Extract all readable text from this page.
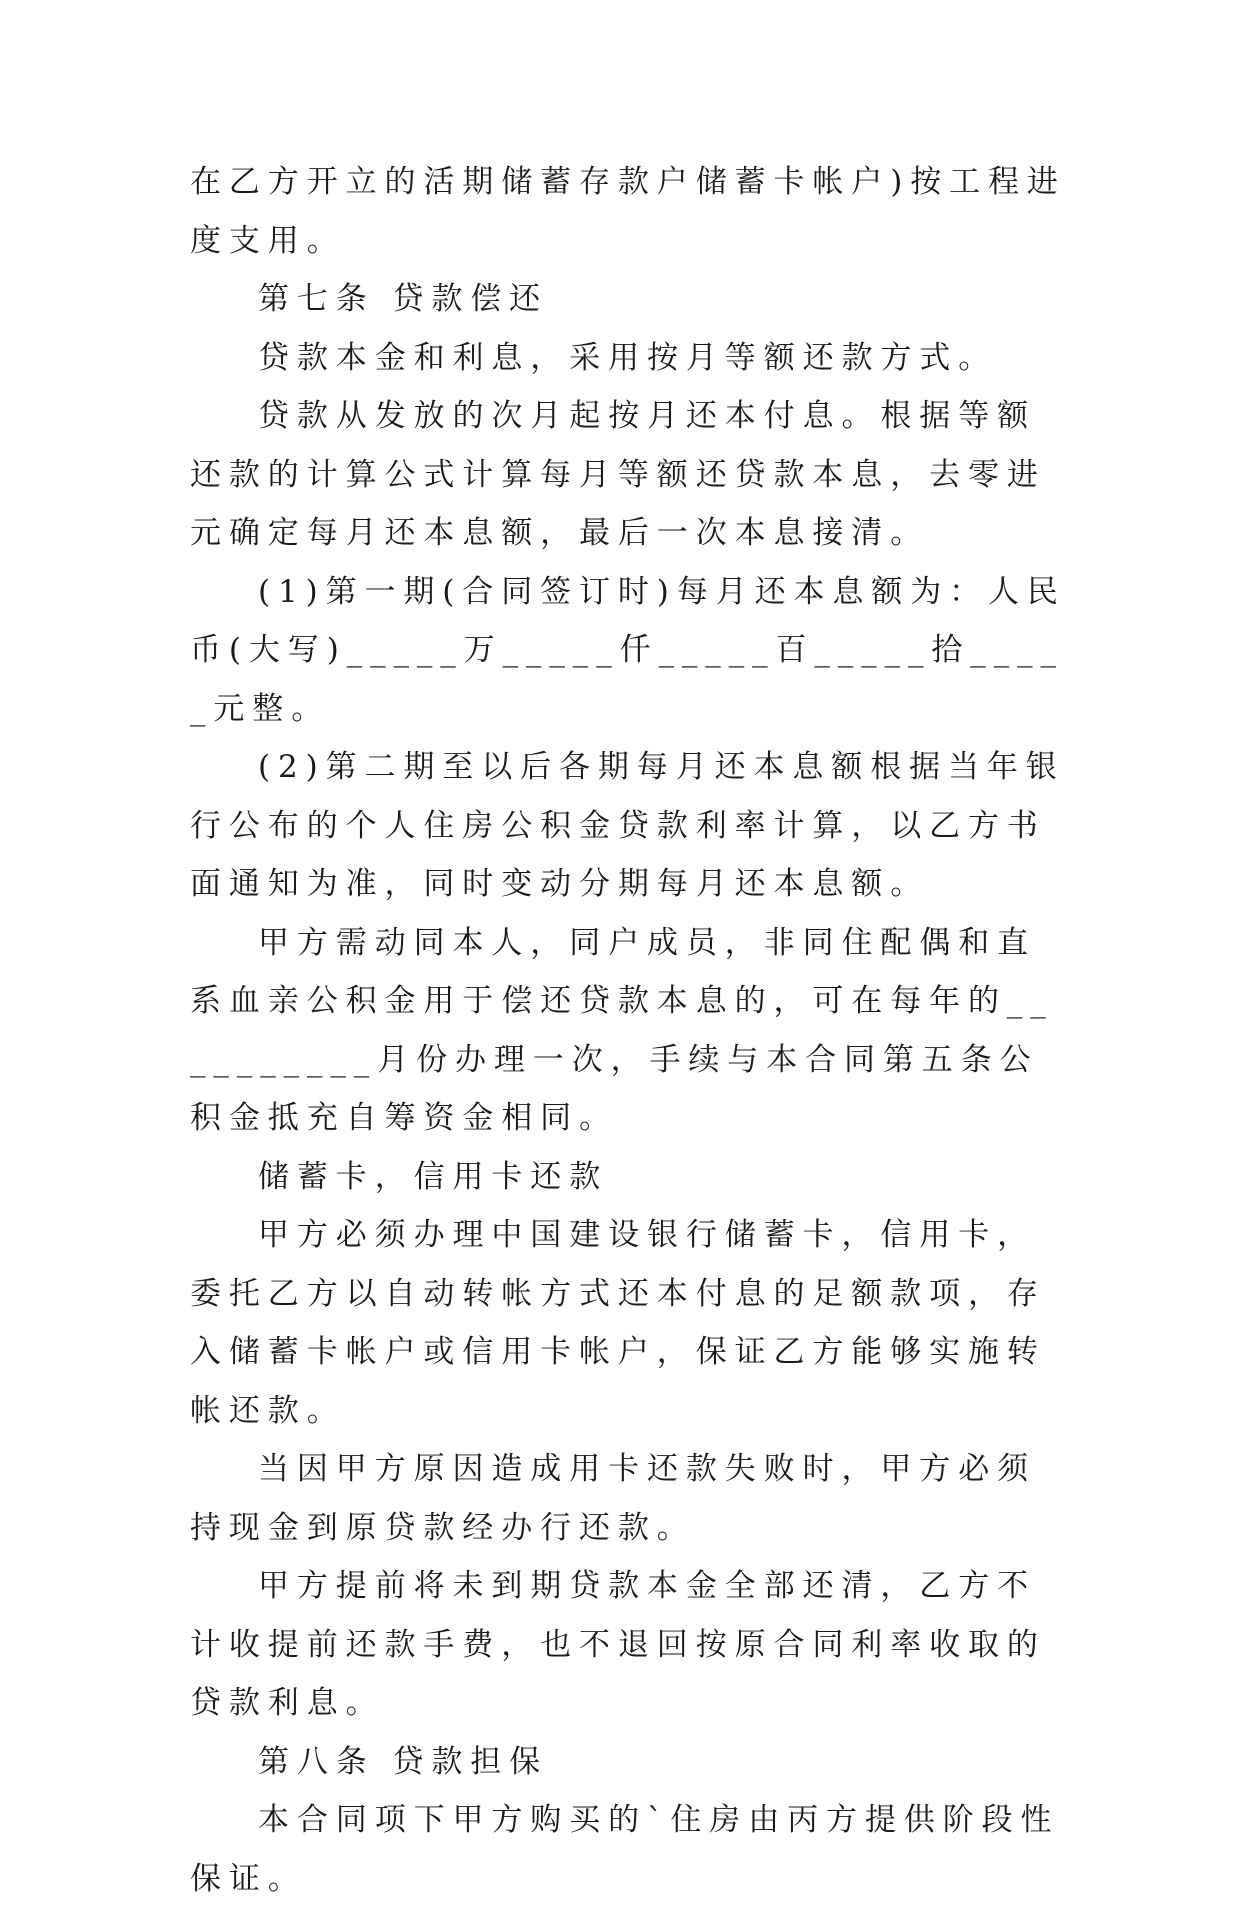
在乙方开立的活期储蓄存款户储蓄卡帐户)按工程进度支用。

第七条 贷款偿还

贷款本金和利息，采用按月等额还款方式。

贷款从发放的次月起按月还本付息。根据等额还款的计算公式计算每月等额还贷款本息，去零进元确定每月还本息额，最后一次本息接清。

(1)第一期(合同签订时)每月还本息额为：人民币(大写)_____万_____仟_____百_____拾_____元整。

(2)第二期至以后各期每月还本息额根据当年银行公布的个人住房公积金贷款利率计算，以乙方书面通知为准，同时变动分期每月还本息额。

甲方需动同本人，同户成员，非同住配偶和直系血亲公积金用于偿还贷款本息的，可在每年的__________月份办理一次，手续与本合同第五条公积金抵充自筹资金相同。

储蓄卡，信用卡还款

甲方必须办理中国建设银行储蓄卡，信用卡，委托乙方以自动转帐方式还本付息的足额款项，存入储蓄卡帐户或信用卡帐户，保证乙方能够实施转帐还款。

当因甲方原因造成用卡还款失败时，甲方必须持现金到原贷款经办行还款。

甲方提前将未到期贷款本金全部还清，乙方不计收提前还款手费，也不退回按原合同利率收取的贷款利息。

第八条 贷款担保

本合同项下甲方购买的`住房由丙方提供阶段性保证。
